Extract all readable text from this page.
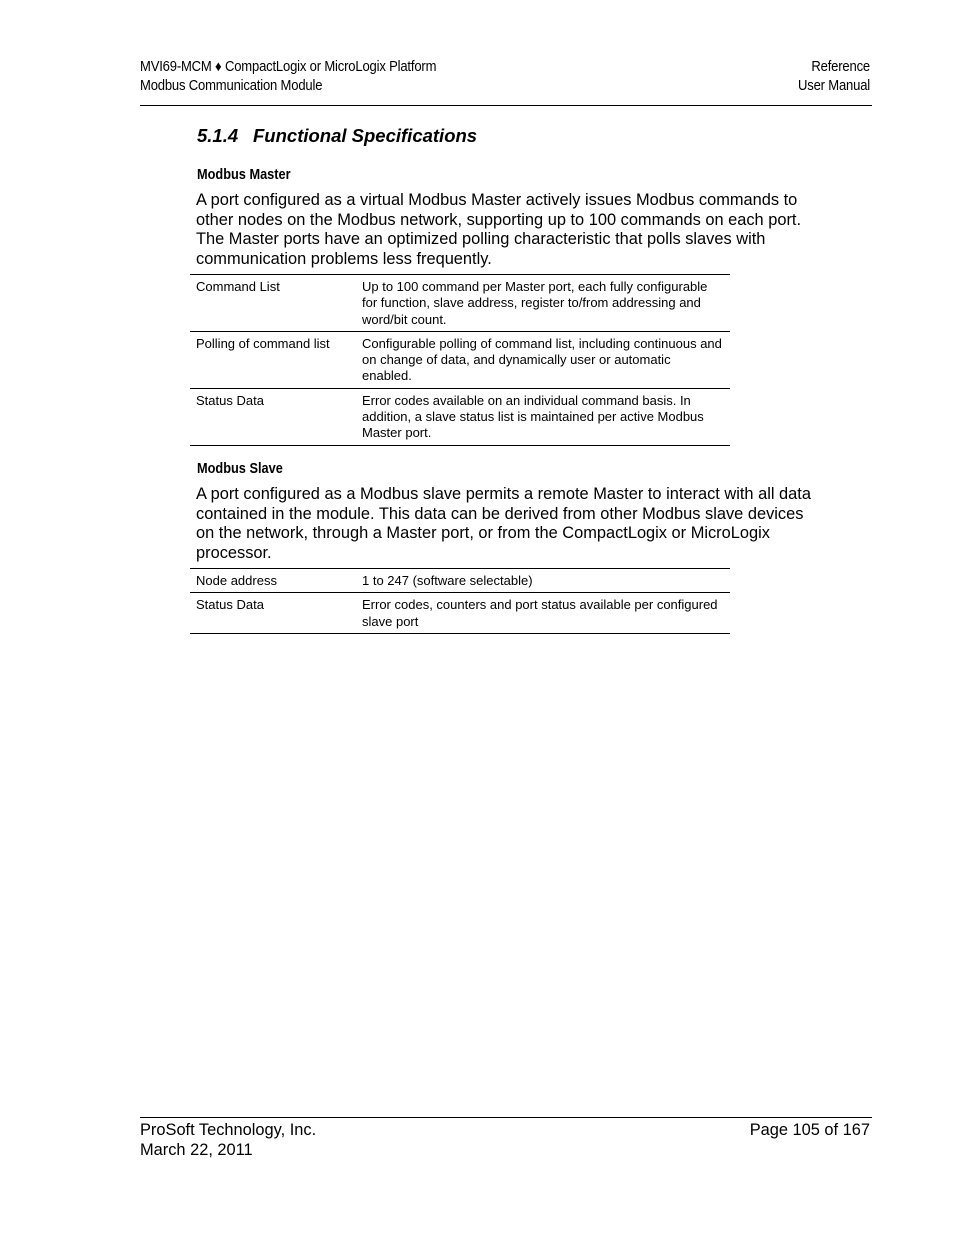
MVI69-MCM ♦ CompactLogix or MicroLogix Platform
Modbus Communication Module
Reference
User Manual
5.1.4 Functional Specifications
Modbus Master
A port configured as a virtual Modbus Master actively issues Modbus commands to other nodes on the Modbus network, supporting up to 100 commands on each port. The Master ports have an optimized polling characteristic that polls slaves with communication problems less frequently.
Command List	Up to 100 command per Master port, each fully configurable for function, slave address, register to/from addressing and word/bit count.
Polling of command list	Configurable polling of command list, including continuous and on change of data, and dynamically user or automatic enabled.
Status Data	Error codes available on an individual command basis. In addition, a slave status list is maintained per active Modbus Master port.
Modbus Slave
A port configured as a Modbus slave permits a remote Master to interact with all data contained in the module. This data can be derived from other Modbus slave devices on the network, through a Master port, or from the CompactLogix or MicroLogix processor.
Node address	1 to 247 (software selectable)
Status Data	Error codes, counters and port status available per configured slave port
ProSoft Technology, Inc.
March 22, 2011
Page 105 of 167
